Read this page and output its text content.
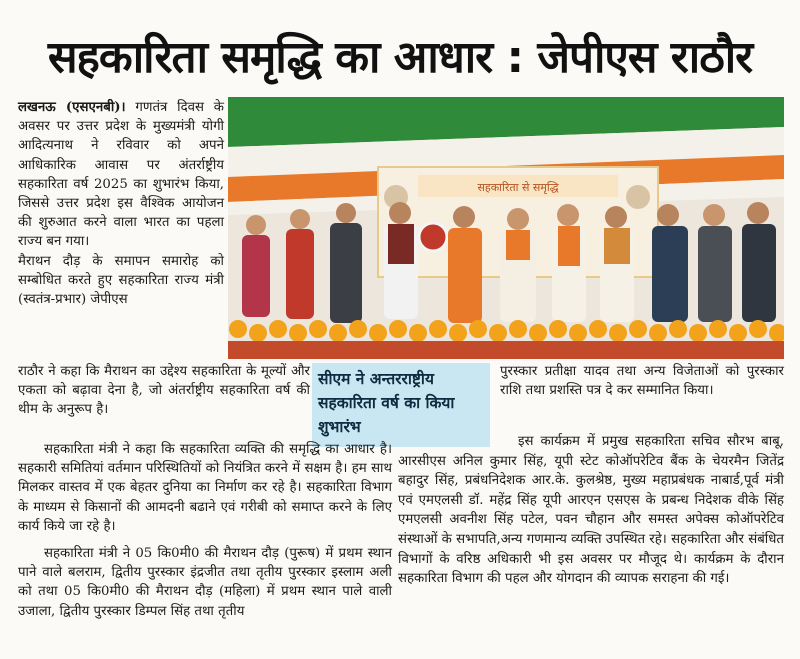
सहकारिता समृद्धि का आधार : जेपीएस राठौर

लखनऊ (एसएनबी)। गणतंत्र दिवस के अवसर पर उत्तर प्रदेश के मुख्यमंत्री योगी आदित्यनाथ ने रविवार को अपने आधिकारिक आवास पर अंतर्राष्ट्रीय सहकारिता वर्ष 2025 का शुभारंभ किया, जिससे उत्तर प्रदेश इस वैश्विक आयोजन की शुरुआत करने वाला भारत का पहला राज्य बन गया।

मैराथन दौड़ के समापन समारोह को सम्बोधित करते हुए सहकारिता राज्य मंत्री (स्वतंत्र-प्रभार) जेपीएस

सहकारिता से समृद्धि

राठौर ने कहा कि मैराथन का उद्देश्य सहकारिता के मूल्यों और एकता को बढ़ावा देना है, जो अंतर्राष्ट्रीय सहकारिता वर्ष की थीम के अनुरूप है।

सीएम ने अन्तरराष्ट्रीय सहकारिता वर्ष का किया शुभारंभ

पुरस्कार प्रतीक्षा यादव तथा अन्य विजेताओं को पुरस्कार राशि तथा प्रशस्ति पत्र दे कर सम्मानित किया।

सहकारिता मंत्री ने कहा कि सहकारिता व्यक्ति की समृद्धि का आधार है। सहकारी समितियां वर्तमान परिस्थितियों को नियंत्रित करने में सक्षम है। हम साथ मिलकर वास्तव में एक बेहतर दुनिया का निर्माण कर रहे है। सहकारिता विभाग के माध्यम से किसानों की आमदनी बढाने एवं गरीबी को समाप्त करने के लिए कार्य किये जा रहे है।

सहकारिता मंत्री ने 05 कि0मी0 की मैराथन दौड़ (पुरूष) में प्रथम स्थान पाने वाले बलराम, द्वितीय पुरस्कार इंद्रजीत तथा तृतीय पुरस्कार इस्लाम अली को तथा 05 कि0मी0 की मैराथन दौड़ (महिला) में प्रथम स्थान पाले वाली उजाला, द्वितीय पुरस्कार डिम्पल सिंह तथा तृतीय

इस कार्यक्रम में प्रमुख सहकारिता सचिव सौरभ बाबू, आरसीएस अनिल कुमार सिंह, यूपी स्टेट कोऑपरेटिव बैंक के चेयरमैन जितेंद्र बहादुर सिंह, प्रबंधनिदेशक आर.के. कुलश्रेष्ठ, मुख्य महाप्रबंधक नाबार्ड,पूर्व मंत्री एवं एमएलसी डॉ. महेंद्र सिंह यूपी आरएन एसएस के प्रबन्ध निदेशक वीके सिंह एमएलसी अवनीश सिंह पटेल, पवन चौहान और समस्त अपेक्स कोऑपरेटिव संस्थाओं के सभापति,अन्य गणमान्य व्यक्ति उपस्थित रहे। सहकारिता और संबंधित विभागों के वरिष्ठ अधिकारी भी इस अवसर पर मौजूद थे। कार्यक्रम के दौरान सहकारिता विभाग की पहल और योगदान की व्यापक सराहना की गई।
